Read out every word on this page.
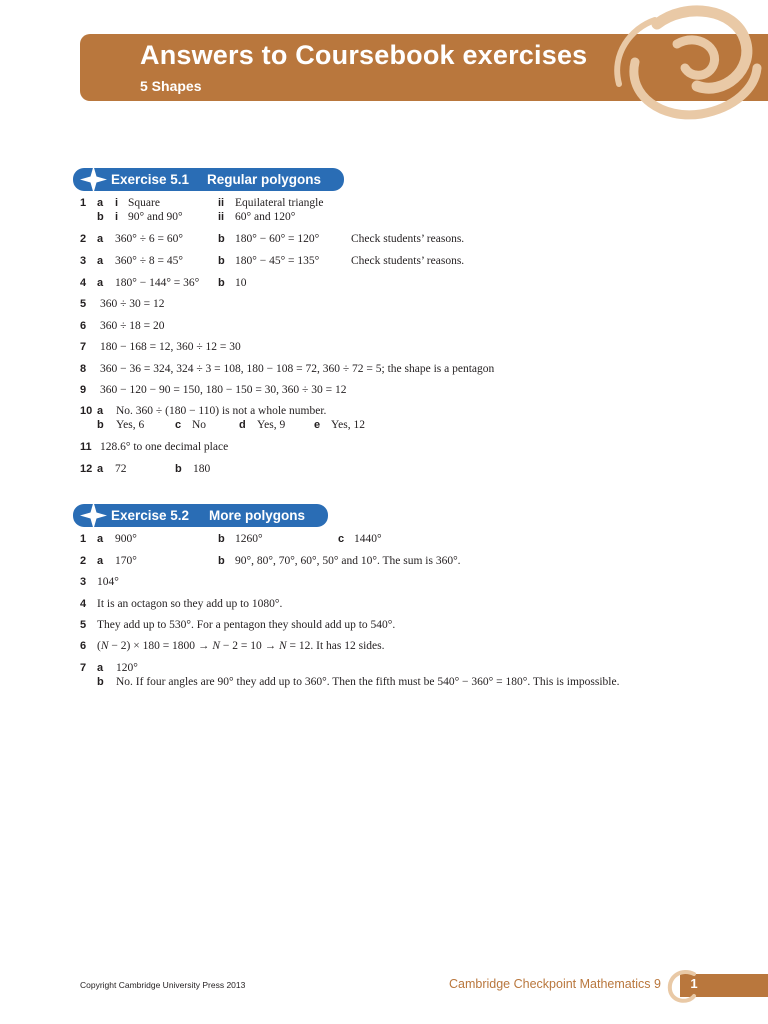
Answers to Coursebook exercises
5 Shapes
Exercise 5.1 Regular polygons
1 a i Square	ii Equilateral triangle
b i 90° and 90°	ii 60° and 120°
2 a 360° ÷ 6 = 60°	b 180° − 60° = 120°	Check students’ reasons.
3 a 360° ÷ 8 = 45°	b 180° − 45° = 135°	Check students’ reasons.
4 a 180° − 144° = 36° b 10
5 360 ÷ 30 = 12
6 360 ÷ 18 = 20
7 180 − 168 = 12, 360 ÷ 12 = 30
8 360 − 36 = 324, 324 ÷ 3 = 108, 180 − 108 = 72, 360 ÷ 72 = 5; the shape is a pentagon
9 360 − 120 − 90 = 150, 180 − 150 = 30, 360 ÷ 30 = 12
10 a No. 360 ÷ (180 − 110) is not a whole number.
b Yes, 6	c No	d Yes, 9	e Yes, 12
11 128.6° to one decimal place
12 a 72	b 180
Exercise 5.2 More polygons
1 a 900°	b 1260°	c 1440°
2 a 170°	b 90°, 80°, 70°, 60°, 50° and 10°. The sum is 360°.
3 104°
4 It is an octagon so they add up to 1080°.
5 They add up to 530°. For a pentagon they should add up to 540°.
6 (N − 2) × 180 = 1800 → N − 2 = 10 → N = 12. It has 12 sides.
7 a 120°
b No. If four angles are 90° they add up to 360°. Then the fifth must be 540° − 360° = 180°. This is impossible.
Copyright Cambridge University Press 2013	Cambridge Checkpoint Mathematics 9	1
